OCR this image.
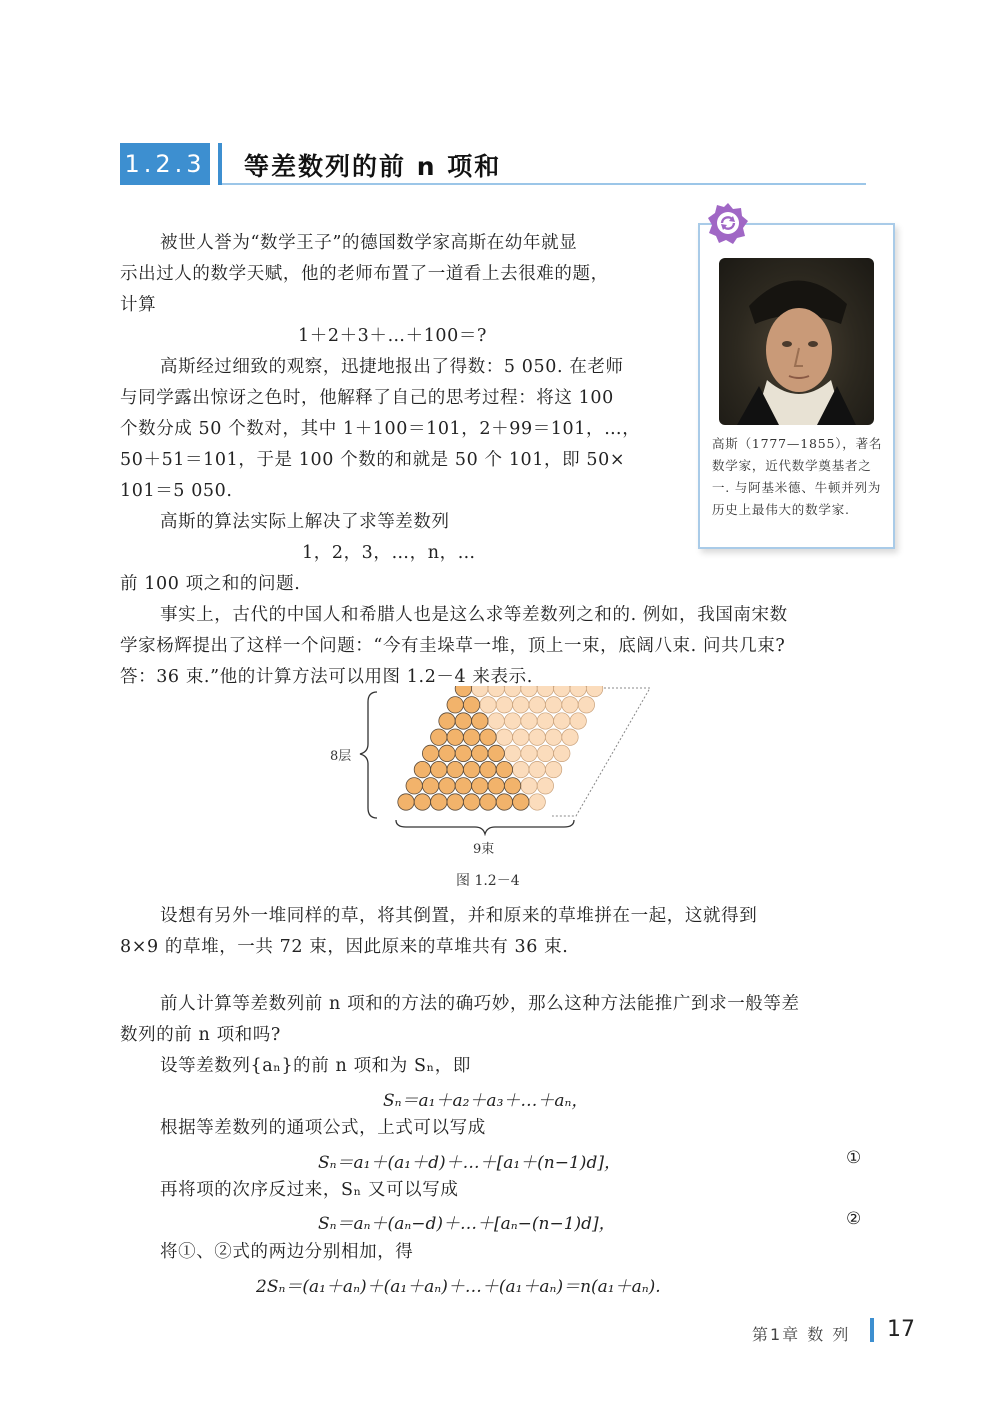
1.2.3 等差数列的前 n 项和
高斯（1777—1855），著名数学家，近代数学奠基者之一. 与阿基米德、牛顿并列为历史上最伟大的数学家.
被世人誉为“数学王子”的德国数学家高斯在幼年就显
示出过人的数学天赋，他的老师布置了一道看上去很难的题，
计算
1＋2＋3＋…＋100＝?
高斯经过细致的观察，迅捷地报出了得数：5 050. 在老师
与同学露出惊讶之色时，他解释了自己的思考过程：将这 100
个数分成 50 个数对，其中 1＋100＝101，2＋99＝101，…，
50＋51＝101，于是 100 个数的和就是 50 个 101，即 50×
101＝5 050.
高斯的算法实际上解决了求等差数列
1，2，3，…，n，…
前 100 项之和的问题.
事实上，古代的中国人和希腊人也是这么求等差数列之和的. 例如，我国南宋数
学家杨辉提出了这样一个问题：“今有圭垛草一堆，顶上一束，底阔八束. 问共几束?
答：36 束.”他的计算方法可以用图 1.2－4 来表示.
8层
9束
图 1.2－4
设想有另外一堆同样的草，将其倒置，并和原来的草堆拼在一起，这就得到
8×9 的草堆，一共 72 束，因此原来的草堆共有 36 束.
前人计算等差数列前 n 项和的方法的确巧妙，那么这种方法能推广到求一般等差
数列的前 n 项和吗?
设等差数列{aₙ}的前 n 项和为 Sₙ，即
Sₙ＝a₁＋a₂＋a₃＋…＋aₙ，
根据等差数列的通项公式，上式可以写成
Sₙ＝a₁＋(a₁＋d)＋…＋[a₁＋(n−1)d]，	①
再将项的次序反过来，Sₙ 又可以写成
Sₙ＝aₙ＋(aₙ−d)＋…＋[aₙ−(n−1)d]，	②
将①、②式的两边分别相加，得
2Sₙ＝(a₁＋aₙ)＋(a₁＋aₙ)＋…＋(a₁＋aₙ)＝n(a₁＋aₙ).
第1章 数 列 17
